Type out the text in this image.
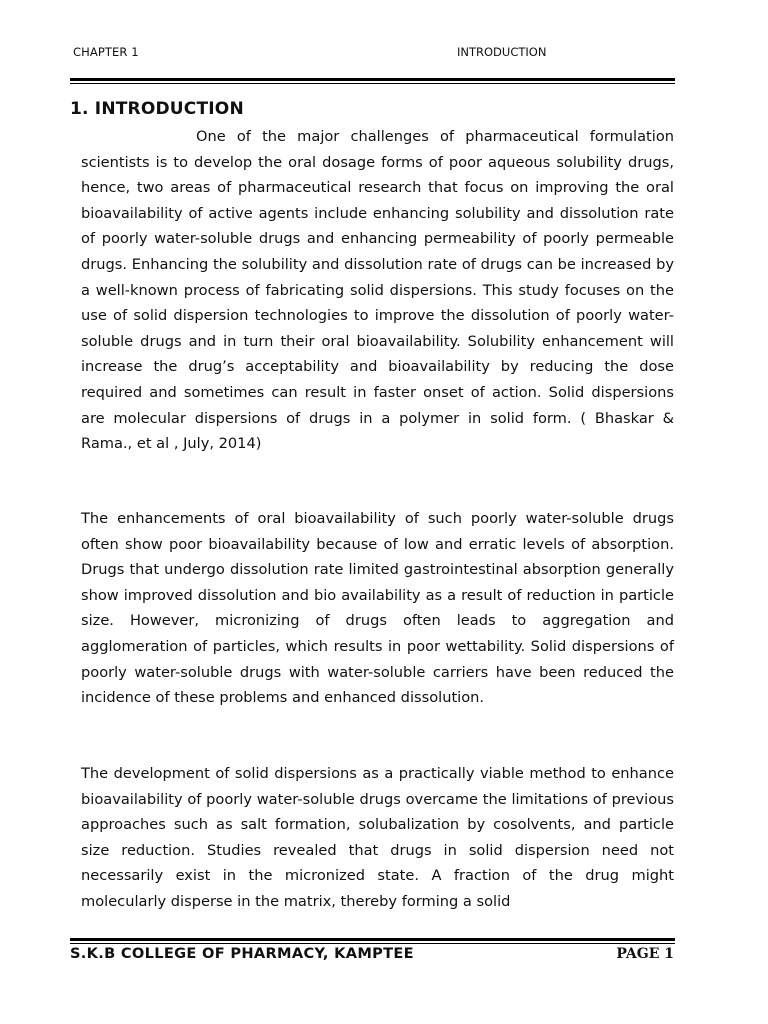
CHAPTER 1	INTRODUCTION
1. INTRODUCTION

One of the major challenges of pharmaceutical formulation scientists is to develop the oral dosage forms of poor aqueous solubility drugs, hence, two areas of pharmaceutical research that focus on improving the oral bioavailability of active agents include enhancing solubility and dissolution rate of poorly water-soluble drugs and enhancing permeability of poorly permeable drugs. Enhancing the solubility and dissolution rate of drugs can be increased by a well-known process of fabricating solid dispersions. This study focuses on the use of solid dispersion technologies to improve the dissolution of poorly water-soluble drugs and in turn their oral bioavailability. Solubility enhancement will increase the drug’s acceptability and bioavailability by reducing the dose required and sometimes can result in faster onset of action. Solid dispersions are molecular dispersions of drugs in a polymer in solid form. ( Bhaskar & Rama., et al , July, 2014)

The enhancements of oral bioavailability of such poorly water-soluble drugs often show poor bioavailability because of low and erratic levels of absorption. Drugs that undergo dissolution rate limited gastrointestinal absorption generally show improved dissolution and bio availability as a result of reduction in particle size. However, micronizing of drugs often leads to aggregation and agglomeration of particles, which results in poor wettability. Solid dispersions of poorly water-soluble drugs with water-soluble carriers have been reduced the incidence of these problems and enhanced dissolution.

The development of solid dispersions as a practically viable method to enhance bioavailability of poorly water-soluble drugs overcame the limitations of previous approaches such as salt formation, solubalization by cosolvents, and particle size reduction. Studies revealed that drugs in solid dispersion need not necessarily exist in the micronized state. A fraction of the drug might molecularly disperse in the matrix, thereby forming a solid

S.K.B COLLEGE OF PHARMACY, KAMPTEE	PAGE 1
